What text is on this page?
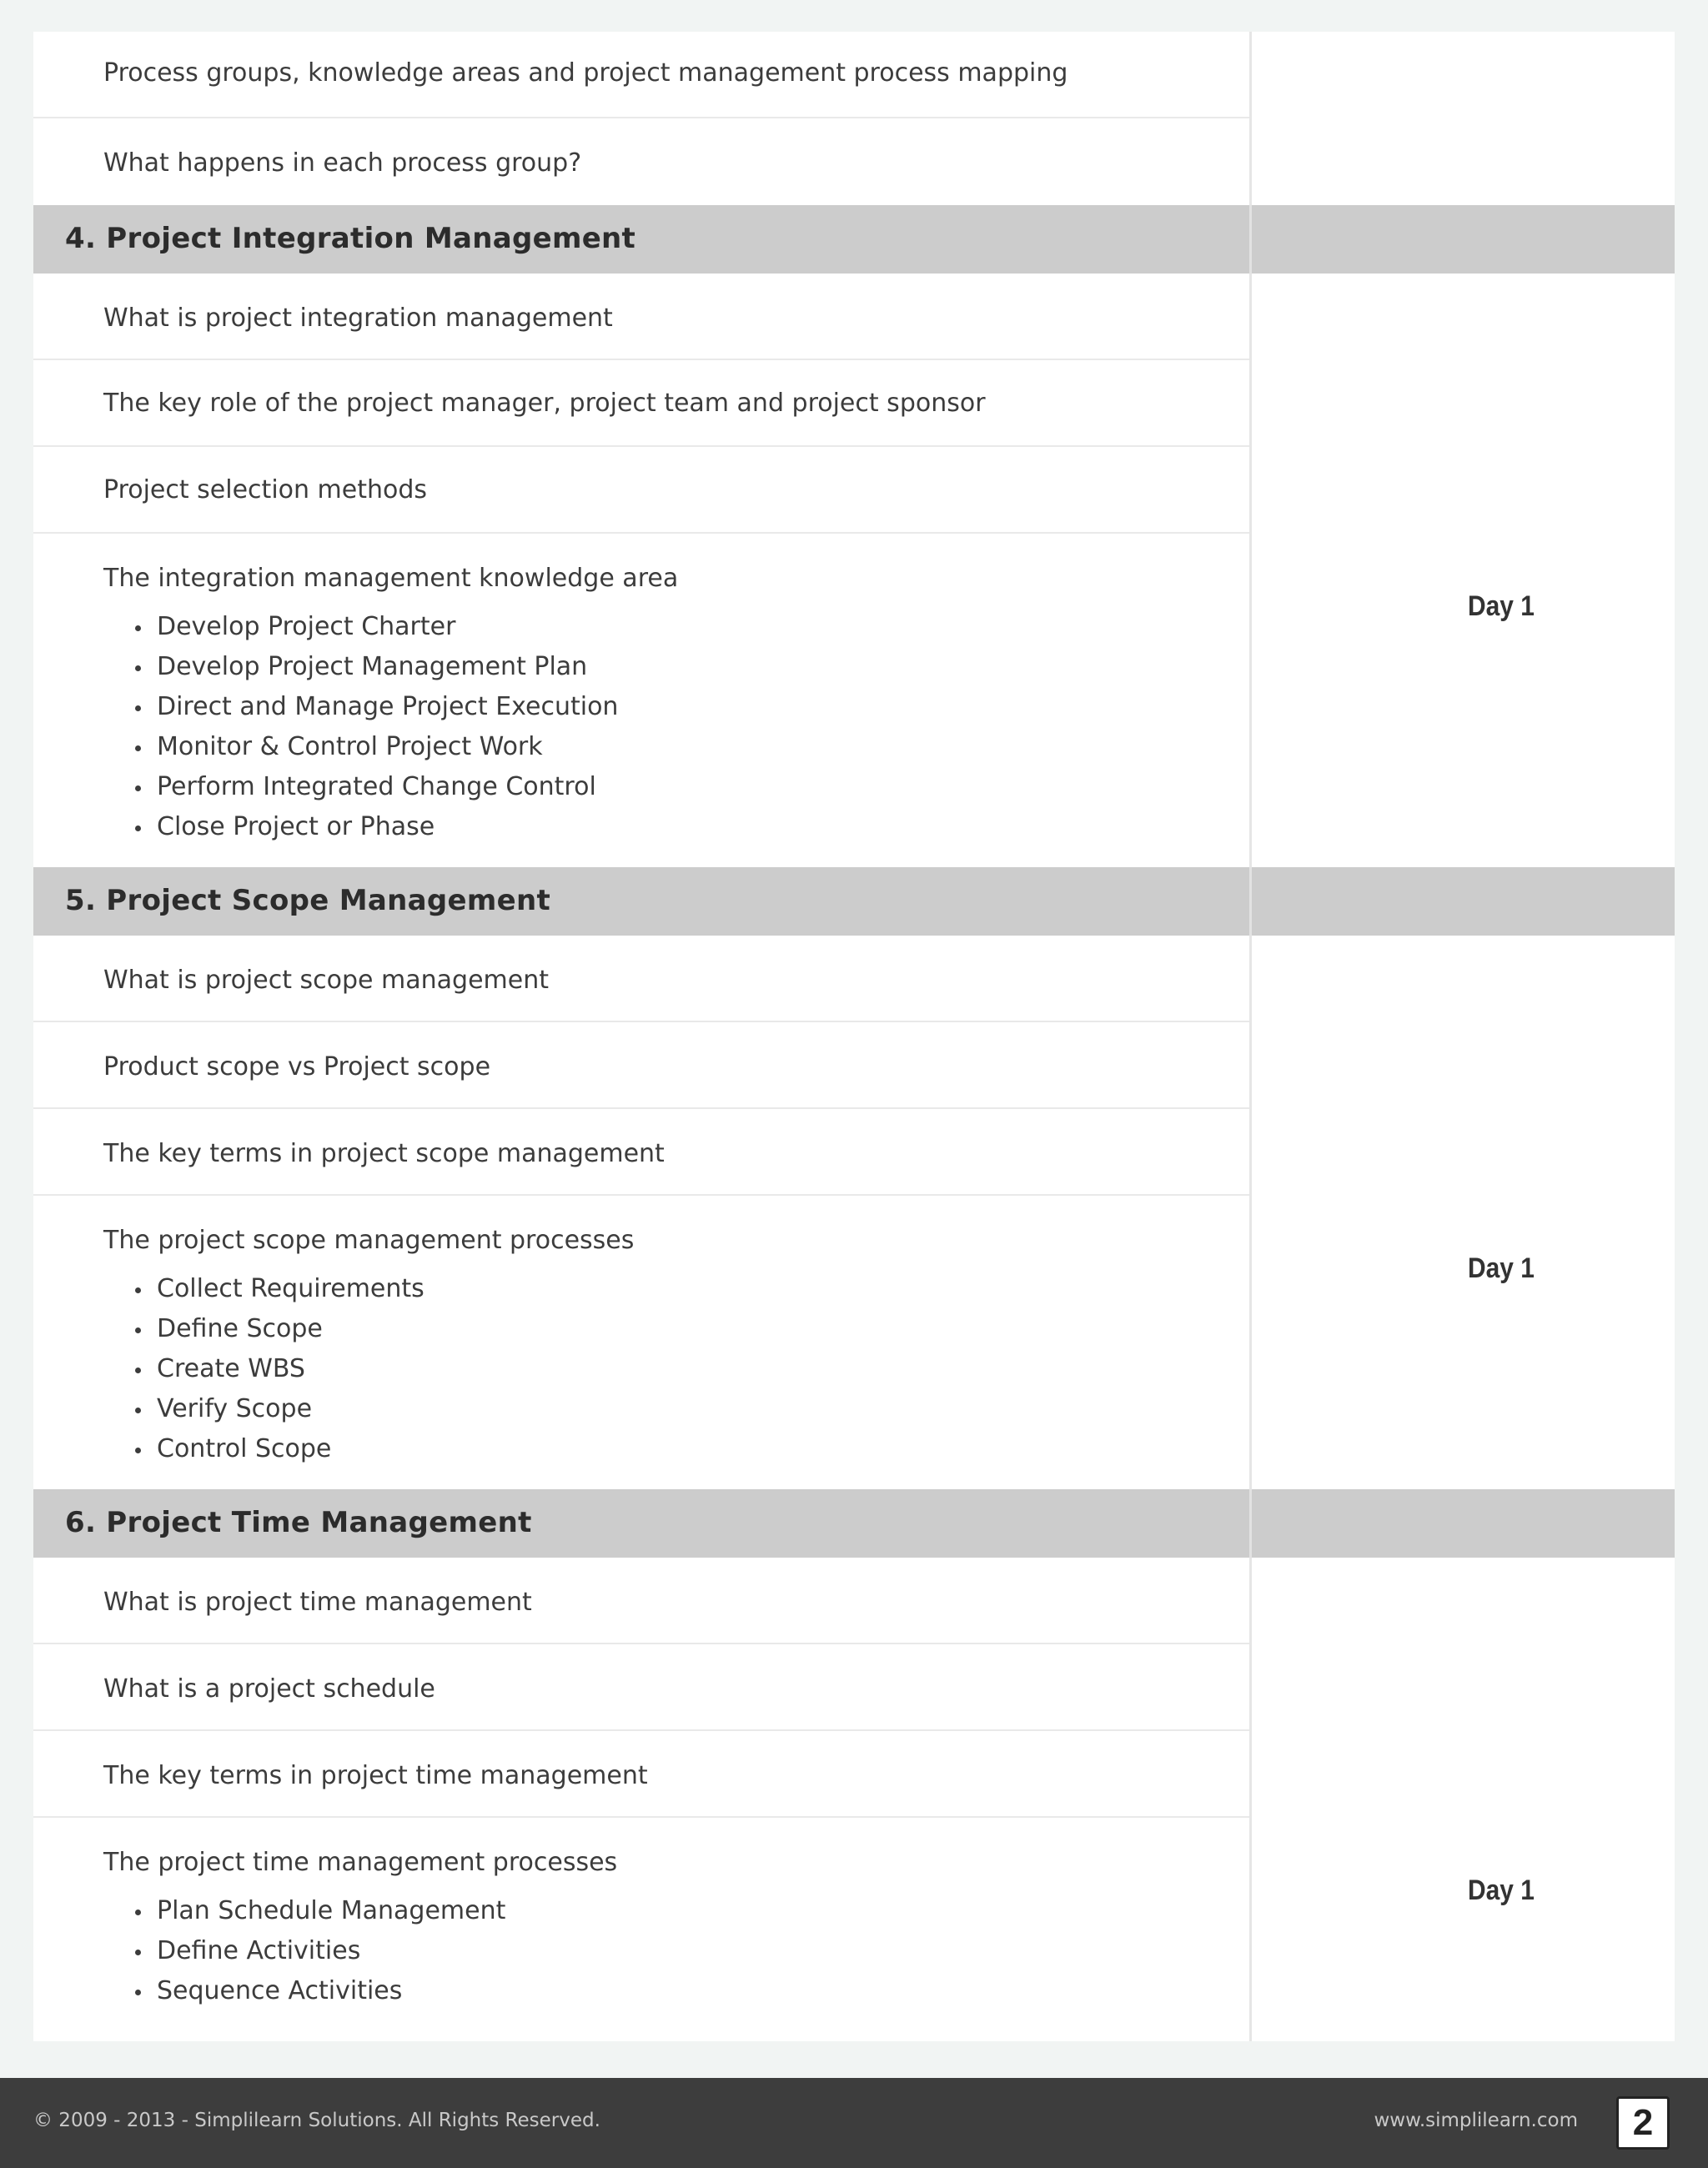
Process groups, knowledge areas and project management process mapping
What happens in each process group?
4. Project Integration Management
What is project integration management
The key role of the project manager, project team and project sponsor
Project selection methods
The integration management knowledge area
Develop Project Charter
Develop Project Management Plan
Direct and Manage Project Execution
Monitor & Control Project Work
Perform Integrated Change Control
Close Project or Phase
Day 1
5. Project Scope Management
What is project scope management
Product scope vs Project scope
The key terms in project scope management
The project scope management processes
Collect Requirements
Define Scope
Create WBS
Verify Scope
Control Scope
Day 1
6. Project Time Management
What is project time management
What is a project schedule
The key terms in project time management
The project time management processes
Plan Schedule Management
Define Activities
Sequence Activities
Day 1
© 2009 - 2013 - Simplilearn Solutions. All Rights Reserved.	www.simplilearn.com	2
